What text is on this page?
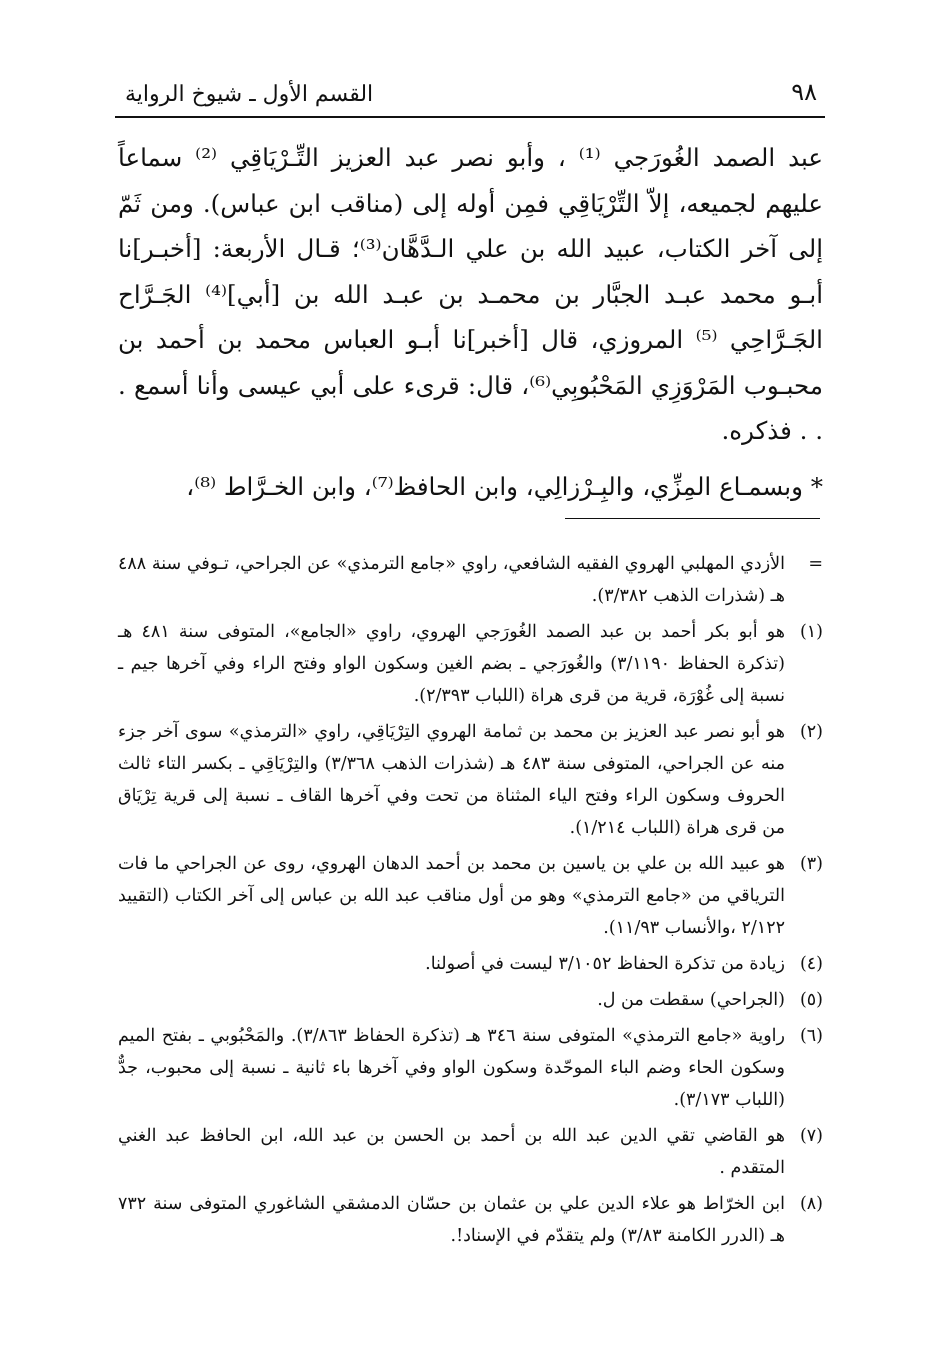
٩٨
القسم الأول ـ شيوخ الرواية

عبد الصمد الغُورَجي ⁽¹⁾ ، وأبو نصر عبد العزيز التِّـرْيَاقِي ⁽²⁾ سماعاً عليهم لجميعه، إلاّ التِّرْيَاقِي فمِن أوله إلى (مناقب ابن عباس). ومن ثَمّ إلى آخر الكتاب، عبيد الله بن علي الـدَّهَّان⁽³⁾؛ قـال الأربعة: [أخبـر]نا أبـو محمد عبـد الجبَّار بن محمـد بن عبـد الله بن [أبي]⁽⁴⁾ الجَـرَّاح الجَـرَّاحِي ⁽⁵⁾ المروزي، قال [أخبر]نا أبـو العباس محمد بن أحمد بن محبـوب المَرْوَزِي المَحْبُوبِي⁽⁶⁾، قال: قرىء على أبي عيسى وأنا أسمع . . . فذكره.

* وبسمـاع المِزِّي، والبِـرْزالِي، وابن الحافظ⁽⁷⁾، وابن الخـرَّاط ⁽⁸⁾،

=
الأزدي المهلبي الهروي الفقيه الشافعي، راوي «جامع الترمذي» عن الجراحي، تـوفي سنة ٤٨٨ هـ (شذرات الذهب ٣/٣٨٢).
(١)
هو أبو بكر أحمد بن عبد الصمد الغُورَجي الهروي، راوي «الجامع»، المتوفى سنة ٤٨١ هـ (تذكرة الحفاظ ٣/١١٩٠) والغُورَجي ـ بضم الغين وسكون الواو وفتح الراء وفي آخرها جيم ـ نسبة إلى غُوْرَة، قرية من قرى هراة (اللباب ٢/٣٩٣).
(٢)
هو أبو نصر عبد العزيز بن محمد بن ثمامة الهروي التِرْيَاقِي، راوي «الترمذي» سوى آخر جزء منه عن الجراحي، المتوفى سنة ٤٨٣ هـ (شذرات الذهب ٣/٣٦٨) والتِرْيَاقِي ـ بكسر التاء ثالث الحروف وسكون الراء وفتح الياء المثناة من تحت وفي آخرها القاف ـ نسبة إلى قرية تِرْيَاق من قرى هراة (اللباب ١/٢١٤).
(٣)
هو عبيد الله بن علي بن ياسين بن محمد بن أحمد الدهان الهروي، روى عن الجراحي ما فات الترياقي من «جامع الترمذي» وهو من أول مناقب عبد الله بن عباس إلى آخر الكتاب (التقييد ٢/١٢٢ ،والأنساب ١١/٩٣).
(٤)
زيادة من تذكرة الحفاظ ٣/١٠٥٢ ليست في أصولنا.
(٥)
(الجراحي) سقطت من ل.
(٦)
راوية «جامع الترمذي» المتوفى سنة ٣٤٦ هـ (تذكرة الحفاظ ٣/٨٦٣). والمَحْبُوبي ـ بفتح الميم وسكون الحاء وضم الباء الموحّدة وسكون الواو وفي آخرها باء ثانية ـ نسبة إلى محبوب، جدٌّ (اللباب ٣/١٧٣).
(٧)
هو القاضي تقي الدين عبد الله بن أحمد بن الحسن بن عبد الله، ابن الحافظ عبد الغني المتقدم .
(٨)
ابن الخرّاط هو علاء الدين علي بن عثمان بن حسّان الدمشقي الشاغوري المتوفى سنة ٧٣٢ هـ (الدرر الكامنة ٣/٨٣) ولم يتقدّم في الإسناد!.
